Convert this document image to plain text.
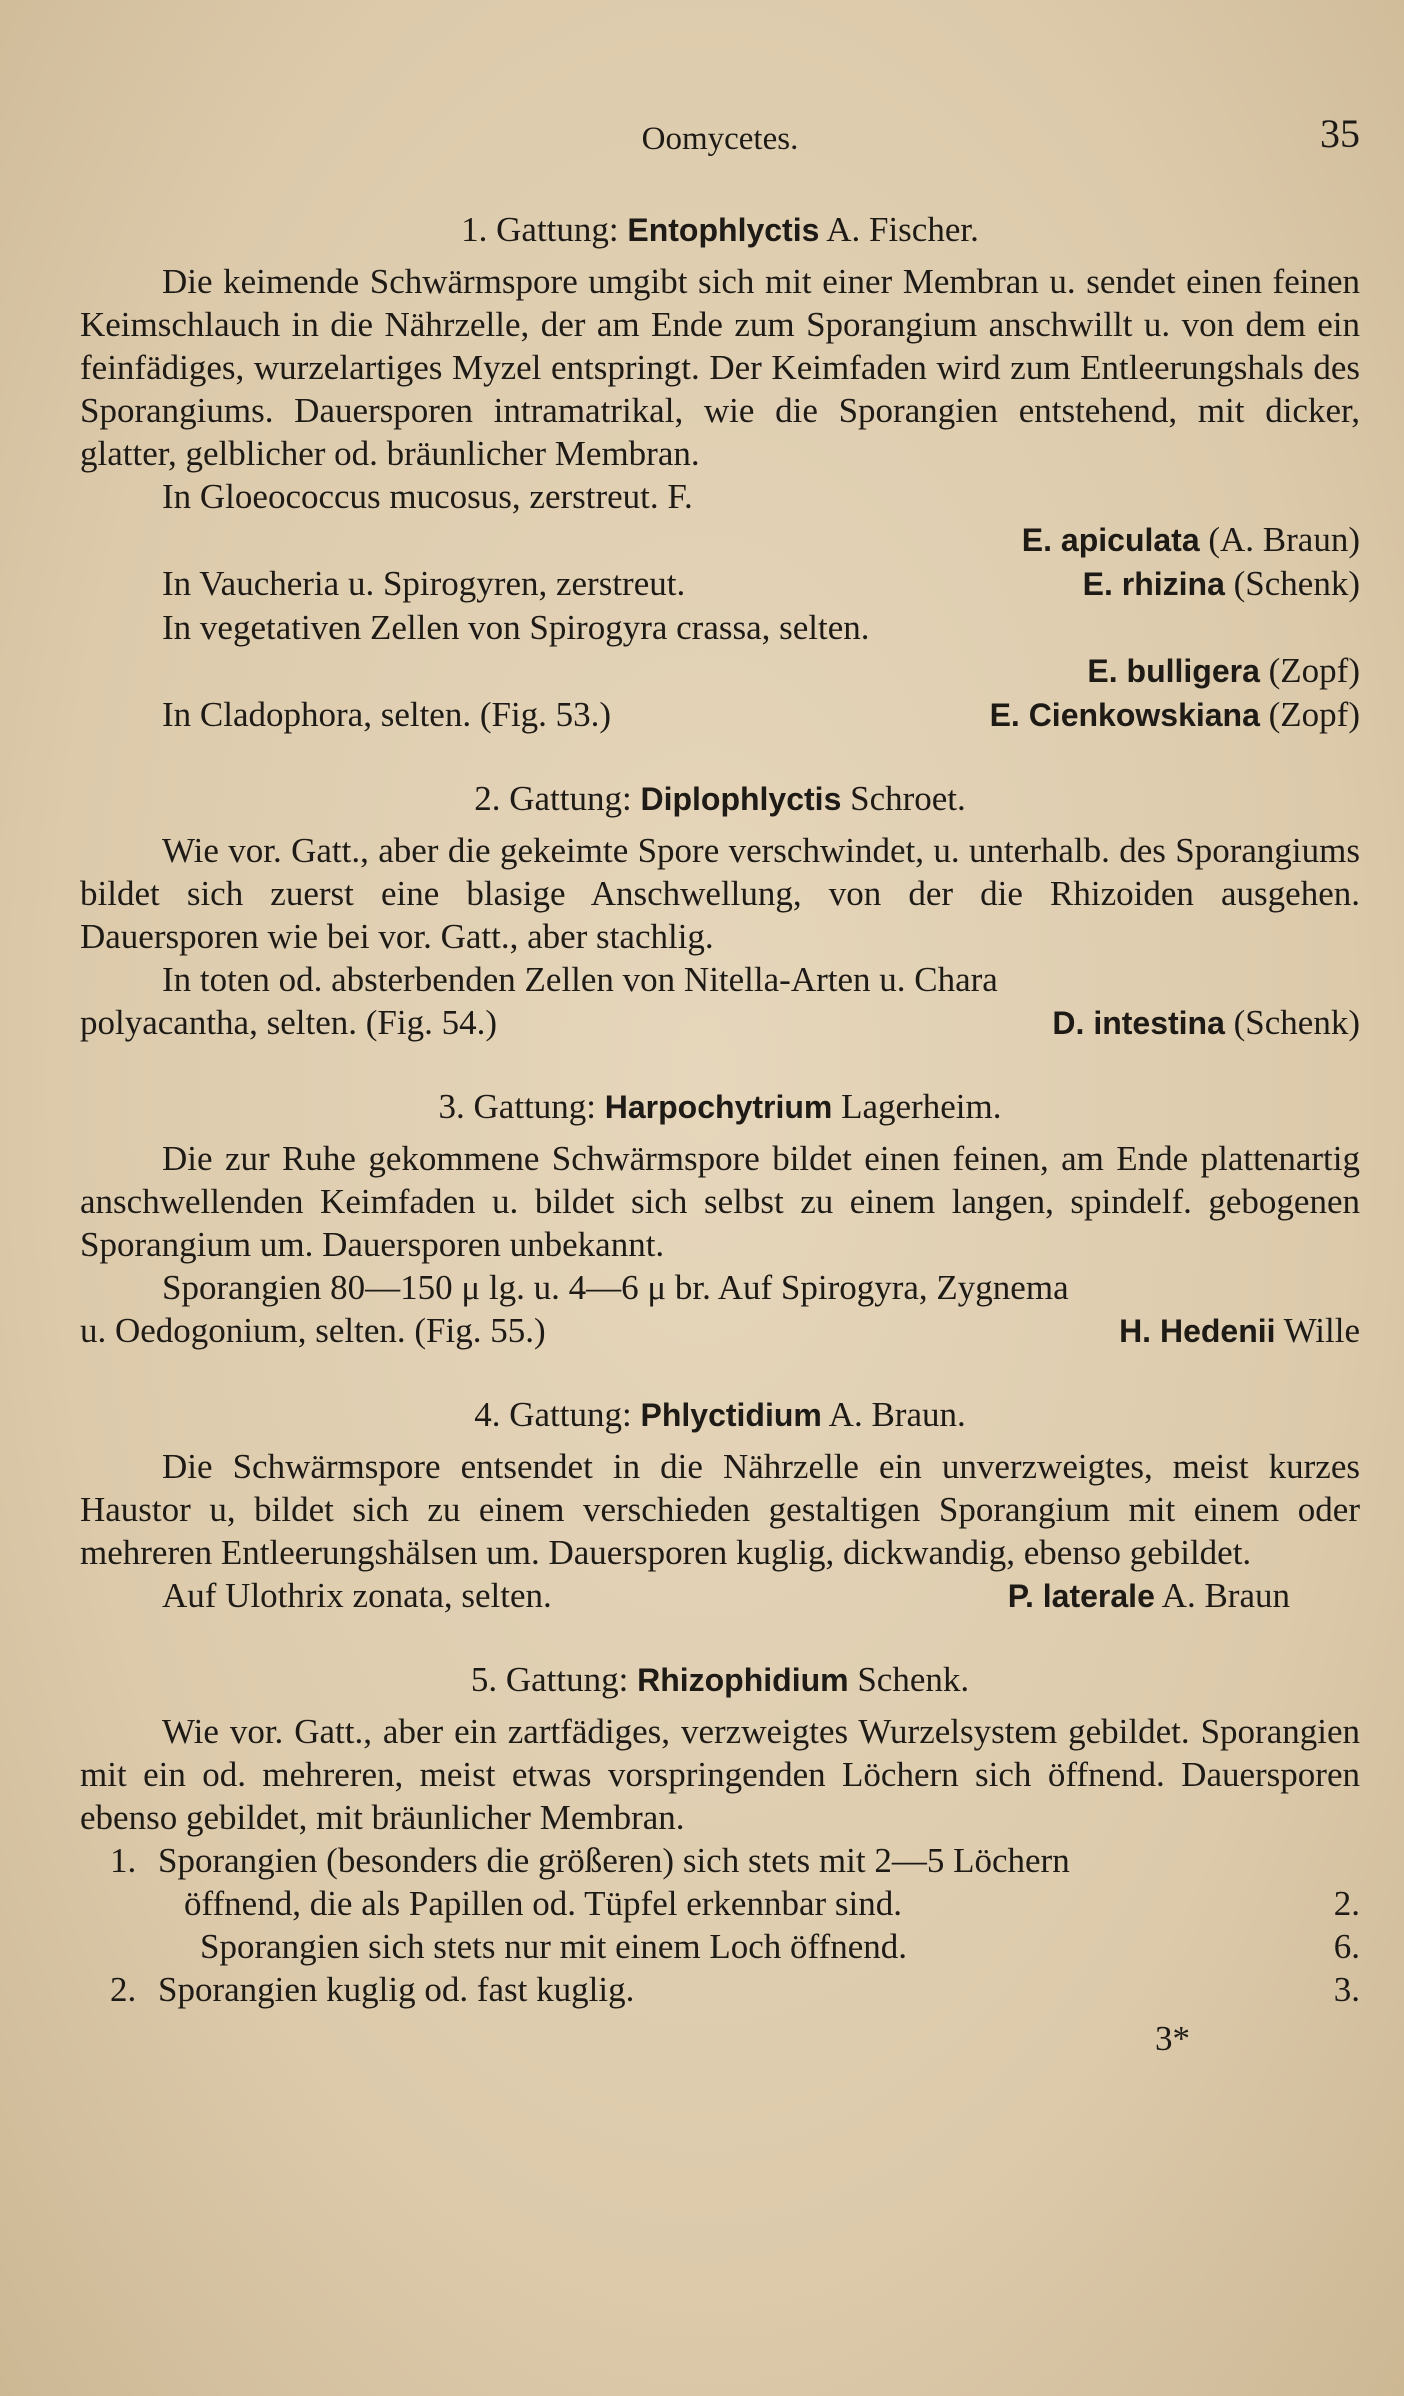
Oomycetes.	35
1. Gattung: Entophlyctis A. Fischer.

Die keimende Schwärmspore umgibt sich mit einer Membran u. sendet einen feinen Keimschlauch in die Nährzelle, der am Ende zum Sporangium anschwillt u. von dem ein feinfädiges, wurzelartiges Myzel entspringt. Der Keimfaden wird zum Entleerungshals des Sporangiums. Dauersporen intramatrikal, wie die Sporangien entstehend, mit dicker, glatter, gelblicher od. bräunlicher Membran.

In Gloeococcus mucosus, zerstreut. F.

E. apiculata (A. Braun)
In Vaucheria u. Spirogyren, zerstreut.	E. rhizina (Schenk)

In vegetativen Zellen von Spirogyra crassa, selten.

E. bulligera (Zopf)
In Cladophora, selten. (Fig. 53.)	E. Cienkowskiana (Zopf)
2. Gattung: Diplophlyctis Schroet.

Wie vor. Gatt., aber die gekeimte Spore verschwindet, u. unterhalb. des Sporangiums bildet sich zuerst eine blasige Anschwellung, von der die Rhizoiden ausgehen. Dauersporen wie bei vor. Gatt., aber stachlig.

In toten od. absterbenden Zellen von Nitella-Arten u. Chara

polyacantha, selten. (Fig. 54.)	D. intestina (Schenk)
3. Gattung: Harpochytrium Lagerheim.

Die zur Ruhe gekommene Schwärmspore bildet einen feinen, am Ende plattenartig anschwellenden Keimfaden u. bildet sich selbst zu einem langen, spindelf. gebogenen Sporangium um. Dauersporen unbekannt.

Sporangien 80—150 μ lg. u. 4—6 μ br. Auf Spirogyra, Zygnema

u. Oedogonium, selten. (Fig. 55.)	H. Hedenii Wille
4. Gattung: Phlyctidium A. Braun.

Die Schwärmspore entsendet in die Nährzelle ein unverzweigtes, meist kurzes Haustor u, bildet sich zu einem verschieden gestaltigen Sporangium mit einem oder mehreren Entleerungshälsen um. Dauersporen kuglig, dickwandig, ebenso gebildet.

Auf Ulothrix zonata, selten.	P. laterale A. Braun
5. Gattung: Rhizophidium Schenk.

Wie vor. Gatt., aber ein zartfädiges, verzweigtes Wurzelsystem gebildet. Sporangien mit ein od. mehreren, meist etwas vorspringenden Löchern sich öffnend. Dauersporen ebenso gebildet, mit bräunlicher Membran.

1. Sporangien (besonders die größeren) sich stets mit 2—5 Löchern
öffnend, die als Papillen od. Tüpfel erkennbar sind.	2.
Sporangien sich stets nur mit einem Loch öffnend.	6.
2. Sporangien kuglig od. fast kuglig.	3.
3*
